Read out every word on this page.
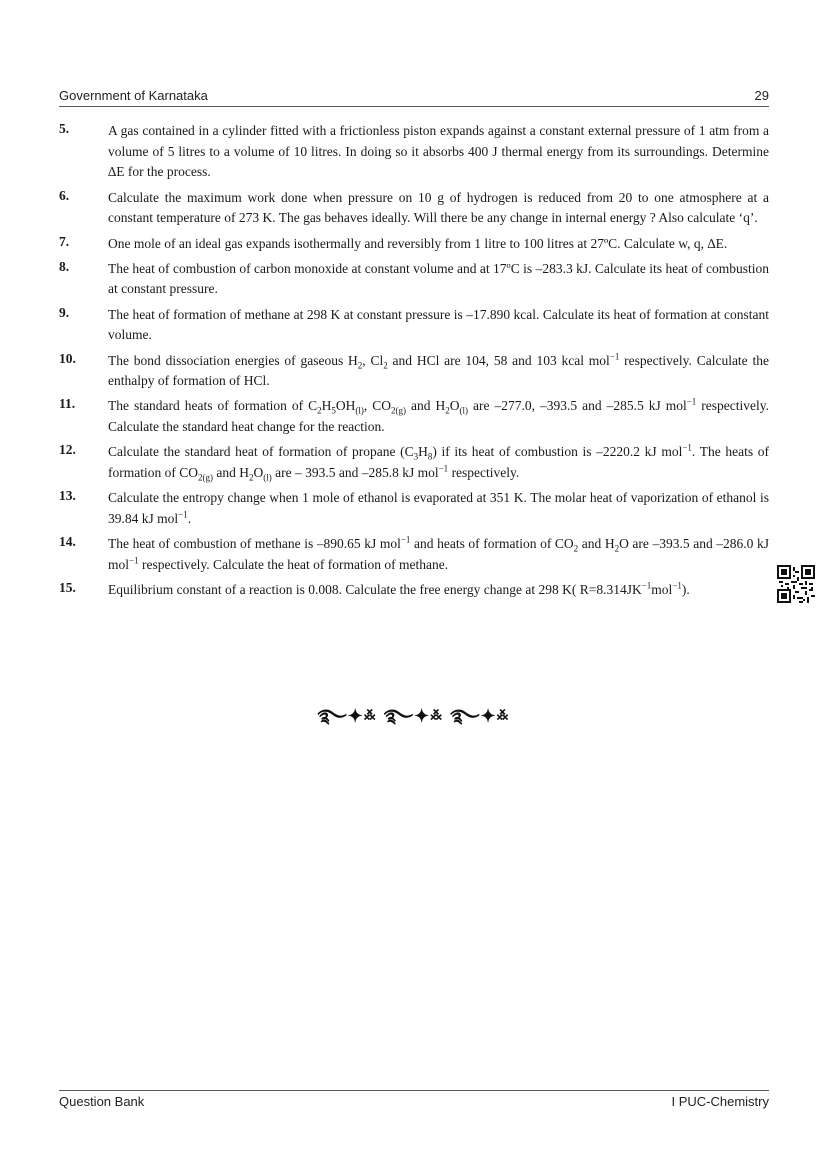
Government of Karnataka	29
5.	A gas contained in a cylinder fitted with a frictionless piston expands against a constant external pressure of 1 atm from a volume of 5 litres to a volume of 10 litres. In doing so it absorbs 400 J thermal energy from its surroundings. Determine ∆E for the process.
6.	Calculate the maximum work done when pressure on 10 g of hydrogen is reduced from 20 to one atmosphere at a constant temperature of 273 K. The gas behaves ideally. Will there be any change in internal energy ? Also calculate ‘q’.
7.	One mole of an ideal gas expands isothermally and reversibly from 1 litre to 100 litres at 27ºC. Calculate w, q, ∆E.
8.	The heat of combustion of carbon monoxide at constant volume and at 17ºC is –283.3 kJ. Calculate its heat of combustion at constant pressure.
9.	The heat of formation of methane at 298 K at constant pressure is –17.890 kcal. Calculate its heat of formation at constant volume.
10. The bond dissociation energies of gaseous $H_2$, $Cl_2$ and HCl are 104, 58 and 103 kcal mol$^{-1}$ respectively. Calculate the enthalpy of formation of HCl.
11. The standard heats of formation of $C_2H_5OH_{(l)}$, $CO_{2(g)}$ and $H_2O_{(l)}$ are –277.0, –393.5 and –285.5 kJ mol$^{-1}$ respectively. Calculate the standard heat change for the reaction.
12. Calculate the standard heat of formation of propane $(C_3H_8)$ if its heat of combustion is –2220.2 kJ mol$^{-1}$. The heats of formation of $CO_{2(g)}$ and $H_2O_{(l)}$ are – 393.5 and –285.8 kJ mol$^{-1}$ respectively.
13. Calculate the entropy change when 1 mole of ethanol is evaporated at 351 K. The molar heat of vaporization of ethanol is 39.84 kJ mol$^{-1}$.
14. The heat of combustion of methane is –890.65 kJ mol$^{-1}$ and heats of formation of $CO_2$ and $H_2O$ are –393.5 and –286.0 kJ mol$^{-1}$ respectively. Calculate the heat of formation of methane.
15. Equilibrium constant of a reaction is 0.008. Calculate the free energy change at 298 K( $R=8.314JK^{-1}mol^{-1}$).
࿐✦࿏ ࿐✦࿏ ࿐✦࿏
Question Bank	I PUC-Chemistry
